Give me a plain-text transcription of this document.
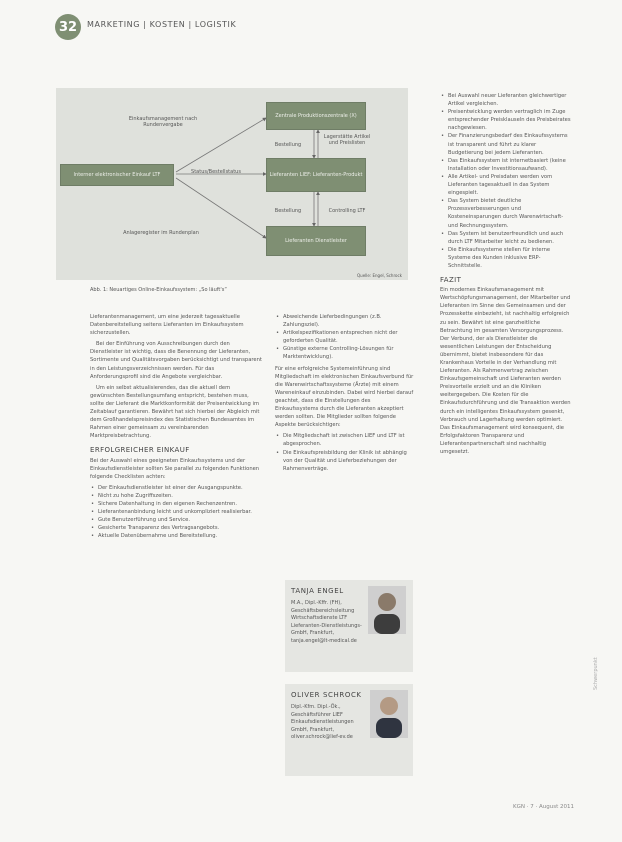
32	MARKETING | KOSTEN | LOGISTIK
Schwerpunkt
Zentrale Produktionszentrale (X)
Lieferanten LIEF: Lieferanten-Produkt
Lieferanten Dienstleister
Interner elektronischer Einkauf LTF
Einkaufsmanagement nach Rundenvergabe
Bestellung
Lagerstätte Artikel und Preislisten
Status/Bestellstatus
Bestellung	Controlling LTF
Anlageregister im Rundenplan
Quelle: Engel, Schrock
Abb. 1: Neuartiges Online-Einkaufssystem: „So läuft's“

Lieferantenmanagement, um eine jederzeit tagesaktuelle Datenbereitstellung seitens Lieferanten im Einkaufssystem sicherzustellen.

Bei der Einführung von Ausschreibungen durch den Dienstleister ist wichtig, dass die Benennung der Lieferanten, Sortimente und Qualitätsvorgaben berücksichtigt und transparent in den Leistungsverzeichnissen werden. Für das Anforderungsprofil sind die Angebote vergleichbar.

Um ein selbst aktualisierendes, das die aktuell dem gewünschten Bestellungsumfang entspricht, bestehen muss, sollte der Lieferant die Marktkonformität der Preisentwicklung im Zeitablauf garantieren. Bewährt hat sich hierbei der Abgleich mit dem Großhandelspreisindex des Statistischen Bundesamtes im Rahmen einer gemeinsam zu vereinbarenden Marktpreisbetrachtung.

ERFOLGREICHER EINKAUF

Bei der Auswahl eines geeigneten Einkaufssystems und der Einkaufsdienstleister sollten Sie parallel zu folgenden Funktionen folgende Checklisten achten:

• Der Einkaufsdienstleister ist einer der Ausgangspunkte.
• Nicht zu hohe Zugriffszeiten.
• Sichere Datenhaltung in den eigenen Rechenzentren.
• Lieferantenanbindung leicht und unkompliziert realisierbar.
• Gute Benutzerführung und Service.
• Gesicherte Transparenz des Vertragsangebots.
• Aktuelle Datenübernahme und Bereitstellung.
• Abweichende Lieferbedingungen (z.B. Zahlungsziel).
• Artikelspezifikationen entsprechen nicht der geforderten Qualität.
• Günstige externe Controlling-Lösungen für Marktentwicklung).

Für eine erfolgreiche Systemeinführung sind Mitgliedschaft im elektronischen Einkaufsverbund für die Warenwirtschaftssysteme (Ärzte) mit einem Wareneinkauf einzubinden. Dabei wird hierbei darauf geachtet, dass die Einstellungen des Einkaufssystems durch die Lieferanten akzeptiert werden sollten. Die Mitglieder sollten folgende Aspekte berücksichtigen:

• Die Mitgliedschaft ist zwischen LIEF und LTF ist abgesprochen.
• Die Einkaufspreisbildung der Klinik ist abhängig von der Qualität und Lieferbeziehungen der Rahmenverträge.
TANJA ENGEL
M.A., Dipl.-Kffr. (FH), Geschäftsbereichsleitung Wirtschaftsdienste LTF Lieferanten-Dienstleistungs-GmbH, Frankfurt, tanja.engel@lt-medical.de
OLIVER SCHROCK
Dipl.-Kfm. Dipl.-Ök., Geschäftsführer LIEF Einkaufsdienstleistungen GmbH, Frankfurt, oliver.schrock@lief-ev.de
• Bei Auswahl neuer Lieferanten gleichwertiger Artikel vergleichen.
• Preisentwicklung werden vertraglich im Zuge entsprechender Preisklauseln des Preisbeirates nachgewiesen.
• Der Finanzierungsbedarf des Einkaufssystems ist transparent und führt zu klarer Budgetierung bei jedem Lieferanten.
• Das Einkaufssystem ist internetbasiert (keine Installation oder Investitionsaufwand).
• Alle Artikel- und Preisdaten werden vom Lieferanten tagesaktuell in das System eingespielt.
• Das System bietet deutliche Prozessverbesserungen und Kosteneinsparungen durch Warenwirtschaft- und Rechnungssystem.
• Das System ist benutzerfreundlich und auch durch LTF Mitarbeiter leicht zu bedienen.
• Die Einkaufssysteme stellen für interne Systeme des Kunden inklusive ERP-Schnittstelle.
FAZIT

Ein modernes Einkaufsmanagement mit Wertschöpfungsmanagement, der Mitarbeiter und Lieferanten im Sinne des Gemeinsamen und der Prozesskette einbezieht, ist nachhaltig erfolgreich zu sein. Bewährt ist eine ganzheitliche Betrachtung im gesamten Versorgungsprozess. Der Verbund, der als Dienstleister die wesentlichen Leistungen der Entscheidung übernimmt, bietet insbesondere für das Krankenhaus Vorteile in der Verhandlung mit Lieferanten. Als Rahmenvertrag zwischen Einkaufsgemeinschaft und Lieferanten werden Preisvorteile erzielt und an die Kliniken weitergegeben. Die Kosten für die Einkaufsdurchführung und die Transaktion werden durch ein intelligentes Einkaufssystem gesenkt, Verbrauch und Lagerhaltung werden optimiert. Das Einkaufsmanagement wird konsequent, die Erfolgsfaktoren Transparenz und Lieferantenpartnerschaft sind nachhaltig umgesetzt.

KGN · 7 · August 2011
